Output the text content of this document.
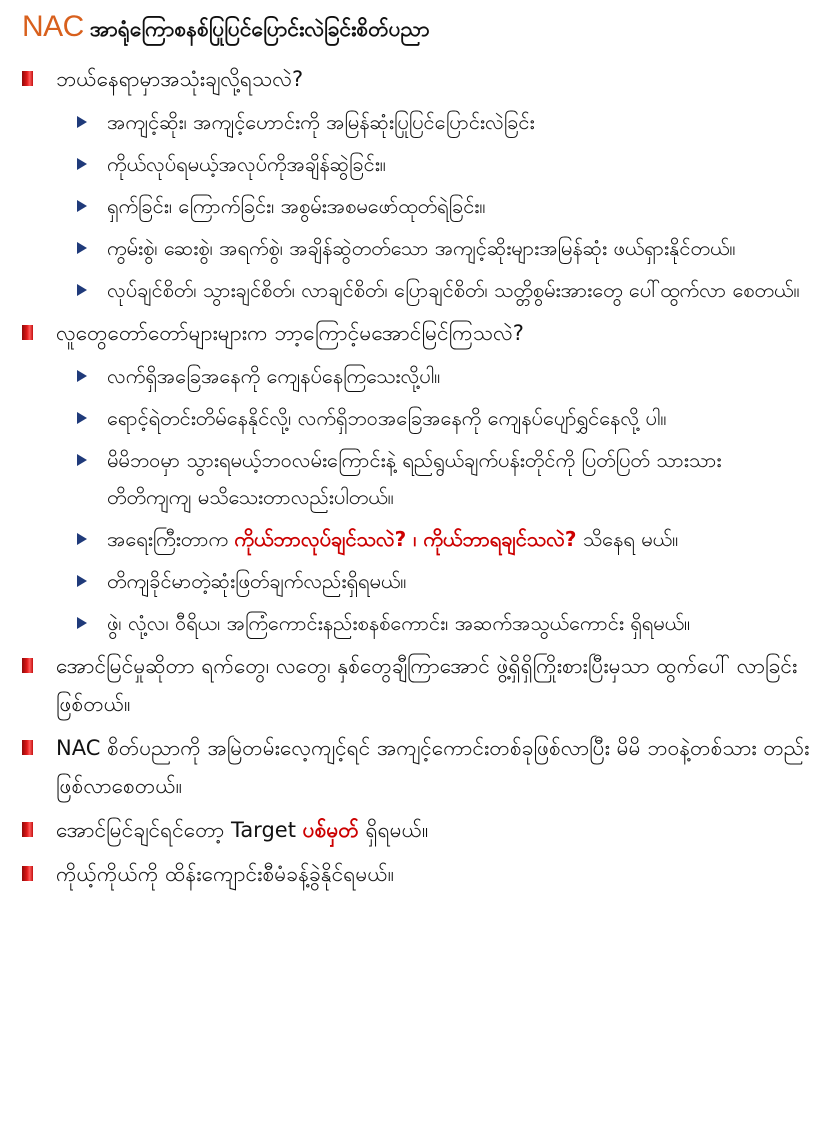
NAC အာရုံကြောစနစ်ပြုပြင်ပြောင်းလဲခြင်းစိတ်ပညာ
ဘယ်နေရာမှာအသုံးချလို့ရသလဲ?
အကျင့်ဆိုး၊ အကျင့်ဟောင်းကို အမြန်ဆုံးပြုပြင်ပြောင်းလဲခြင်း
ကိုယ်လုပ်ရမယ့်အလုပ်ကိုအချိန်ဆွဲခြင်း။
ရှက်ခြင်း၊ ကြောက်ခြင်း၊ အစွမ်းအစမဖော်ထုတ်ရဲခြင်း။
ကွမ်းစွဲ၊ ဆေးစွဲ၊ အရက်စွဲ၊ အချိန်ဆွဲတတ်သော အကျင့်ဆိုးများအမြန်ဆုံး ဖယ်ရှားနိုင်တယ်။
လုပ်ချင်စိတ်၊ သွားချင်စိတ်၊ လာချင်စိတ်၊ ပြောချင်စိတ်၊ သတ္တိစွမ်းအားတွေ ပေါ်ထွက်လာ စေတယ်။
လူတွေတော်တော်များများက ဘာ့ကြောင့်မအောင်မြင်ကြသလဲ?
လက်ရှိအခြေအနေကို ကျေနပ်နေကြသေးလို့ပါ။
ရောင့်ရဲတင်းတိမ်နေနိုင်လို့၊ လက်ရှိဘဝအခြေအနေကို ကျေနပ်ပျော်ရွှင်နေလို့ ပါ။
မိမိဘဝမှာ သွားရမယ့်ဘဝလမ်းကြောင်းနဲ့ ရည်ရွယ်ချက်ပန်းတိုင်ကို ပြတ်ပြတ် သားသား တိတိကျကျ မသိသေးတာလည်းပါတယ်။
အရေးကြီးတာက ကိုယ်ဘာလုပ်ချင်သလဲ? ၊ ကိုယ်ဘာရချင်သလဲ? သိနေရ မယ်။
တိကျခိုင်မာတဲ့ဆုံးဖြတ်ချက်လည်းရှိရမယ်။
ဖွဲ၊ လုံ့လ၊ ဝီရိယ၊ အကြံကောင်းနည်းစနစ်ကောင်း၊ အဆက်အသွယ်ကောင်း ရှိရမယ်။
အောင်မြင်မှုဆိုတာ ရက်တွေ၊ လတွေ၊ နှစ်တွေချီကြာအောင် ဖွဲ့ရှိရှိကြိုးစားပြီးမှသာ ထွက်ပေါ် လာခြင်းဖြစ်တယ်။
NAC စိတ်ပညာကို အမြဲတမ်းလေ့ကျင့်ရင် အကျင့်ကောင်းတစ်ခုဖြစ်လာပြီး မိမိ ဘဝနဲ့တစ်သား တည်းဖြစ်လာစေတယ်။
အောင်မြင်ချင်ရင်တော့ Target ပစ်မှတ် ရှိရမယ်။
ကိုယ့်ကိုယ်ကို ထိန်းကျောင်းစီမံခန့်ခွဲနိုင်ရမယ်။
